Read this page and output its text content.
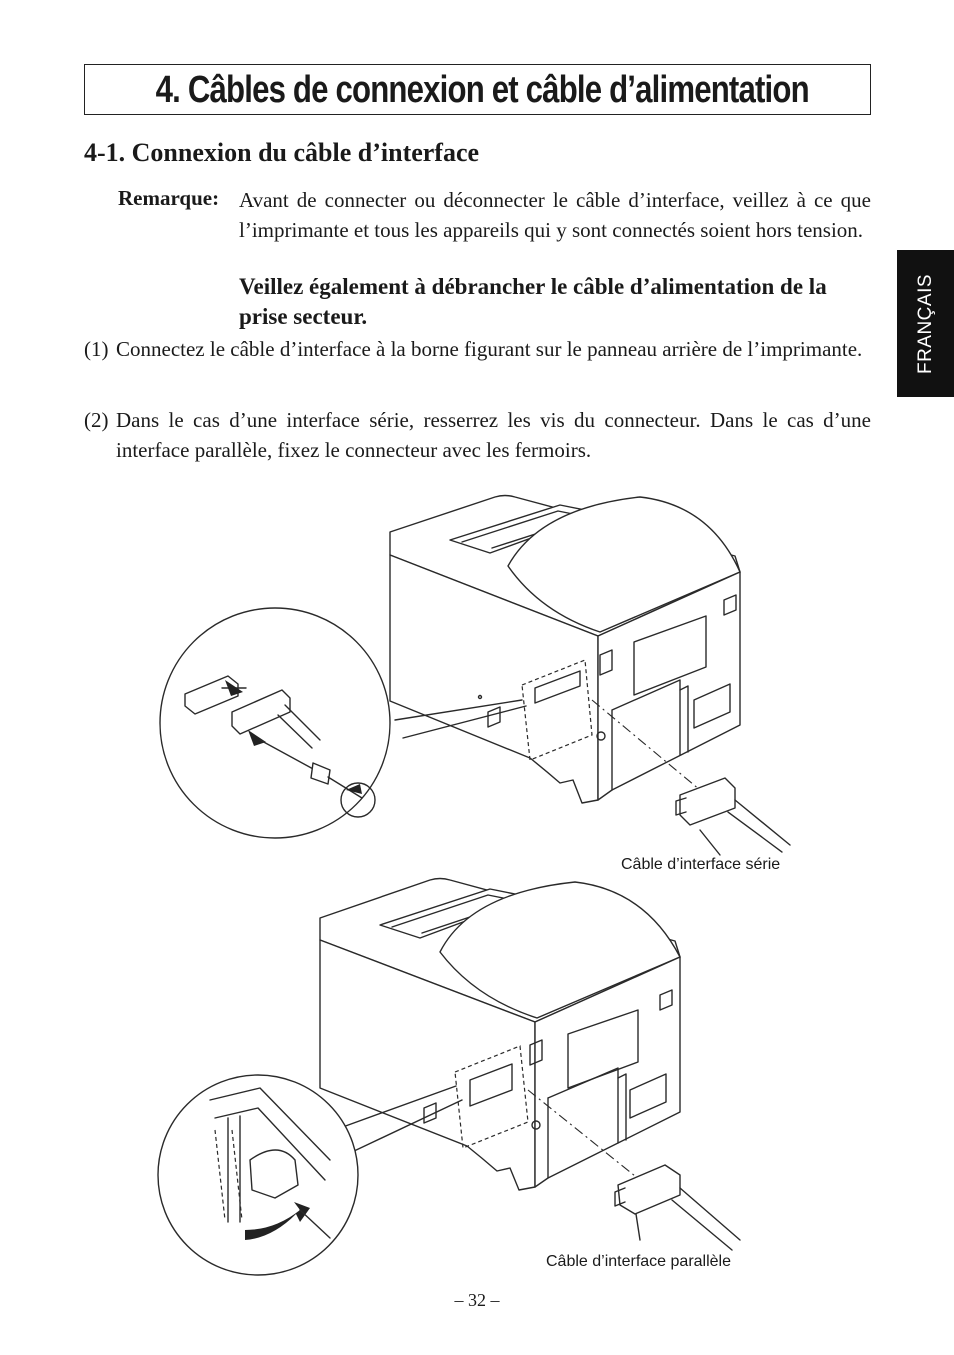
4. Câbles de connexion et câble d’alimentation
4-1. Connexion du câble d’interface
Remarque: Avant de connecter ou déconnecter le câble d’interface, veillez à ce que l’imprimante et tous les appareils qui y sont connectés soient hors tension.
Veillez également à débrancher le câble d’alimentation de la prise secteur.
(1) Connectez le câble d’interface à la borne figurant sur le panneau arrière de l’imprimante.
(2) Dans le cas d’une interface série, resserrez les vis du connecteur. Dans le cas d’une interface parallèle, fixez le connecteur avec les fermoirs.
FRANÇAIS
Câble d’interface série
Câble d’interface parallèle
– 32 –
